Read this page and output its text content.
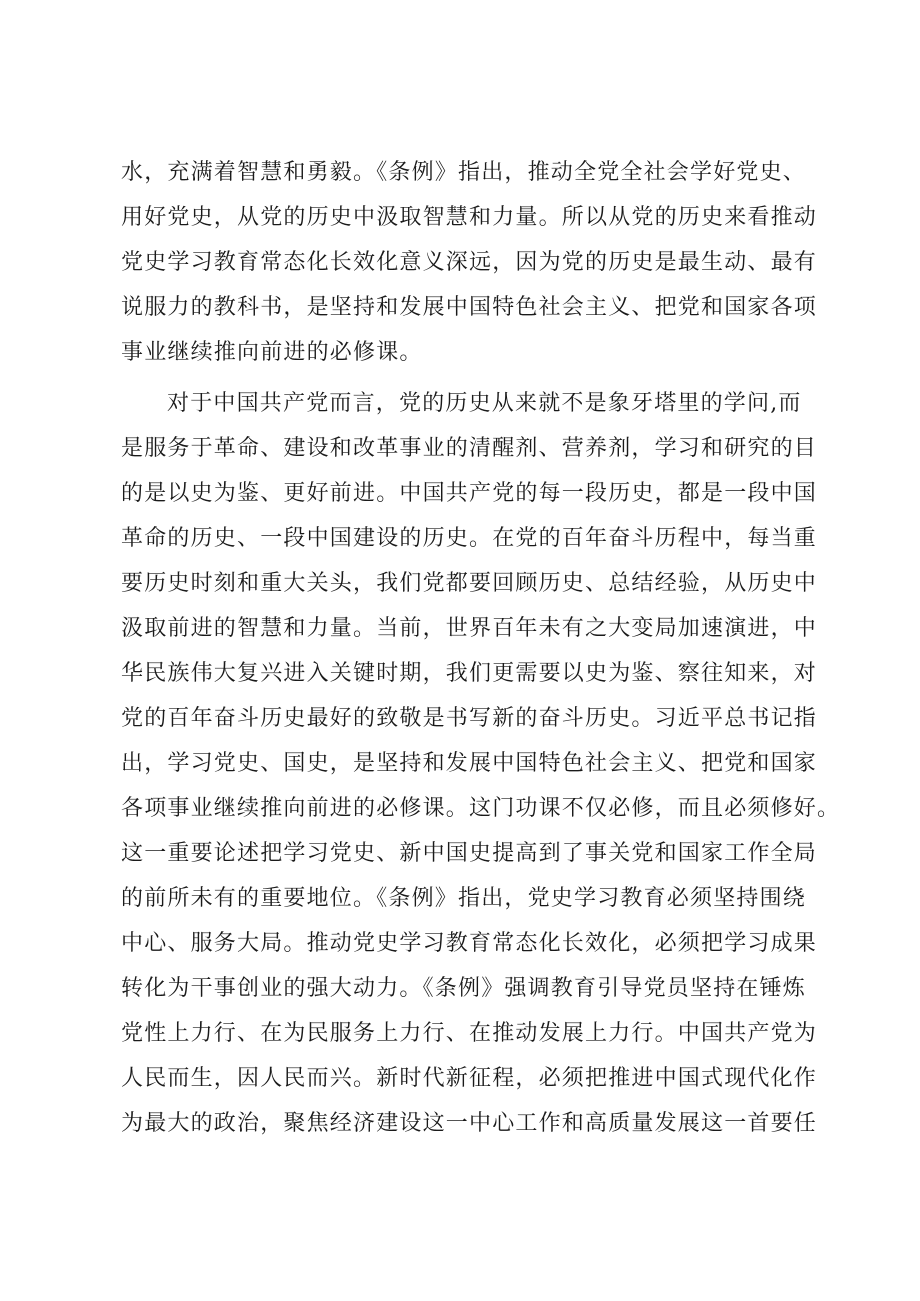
水，充满着智慧和勇毅。《条例》指出，推动全党全社会学好党史、
用好党史，从党的历史中汲取智慧和力量。所以从党的历史来看推动
党史学习教育常态化长效化意义深远，因为党的历史是最生动、最有
说服力的教科书，是坚持和发展中国特色社会主义、把党和国家各项
事业继续推向前进的必修课。
对于中国共产党而言，党的历史从来就不是象牙塔里的学问,而
是服务于革命、建设和改革事业的清醒剂、营养剂，学习和研究的目
的是以史为鉴、更好前进。中国共产党的每一段历史，都是一段中国
革命的历史、一段中国建设的历史。在党的百年奋斗历程中，每当重
要历史时刻和重大关头，我们党都要回顾历史、总结经验，从历史中
汲取前进的智慧和力量。当前，世界百年未有之大变局加速演进，中
华民族伟大复兴进入关键时期，我们更需要以史为鉴、察往知来，对
党的百年奋斗历史最好的致敬是书写新的奋斗历史。习近平总书记指
出，学习党史、国史，是坚持和发展中国特色社会主义、把党和国家
各项事业继续推向前进的必修课。这门功课不仅必修，而且必须修好。
这一重要论述把学习党史、新中国史提高到了事关党和国家工作全局
的前所未有的重要地位。《条例》指出，党史学习教育必须坚持围绕
中心、服务大局。推动党史学习教育常态化长效化，必须把学习成果
转化为干事创业的强大动力。《条例》强调教育引导党员坚持在锤炼
党性上力行、在为民服务上力行、在推动发展上力行。中国共产党为
人民而生，因人民而兴。新时代新征程，必须把推进中国式现代化作
为最大的政治，聚焦经济建设这一中心工作和高质量发展这一首要任
